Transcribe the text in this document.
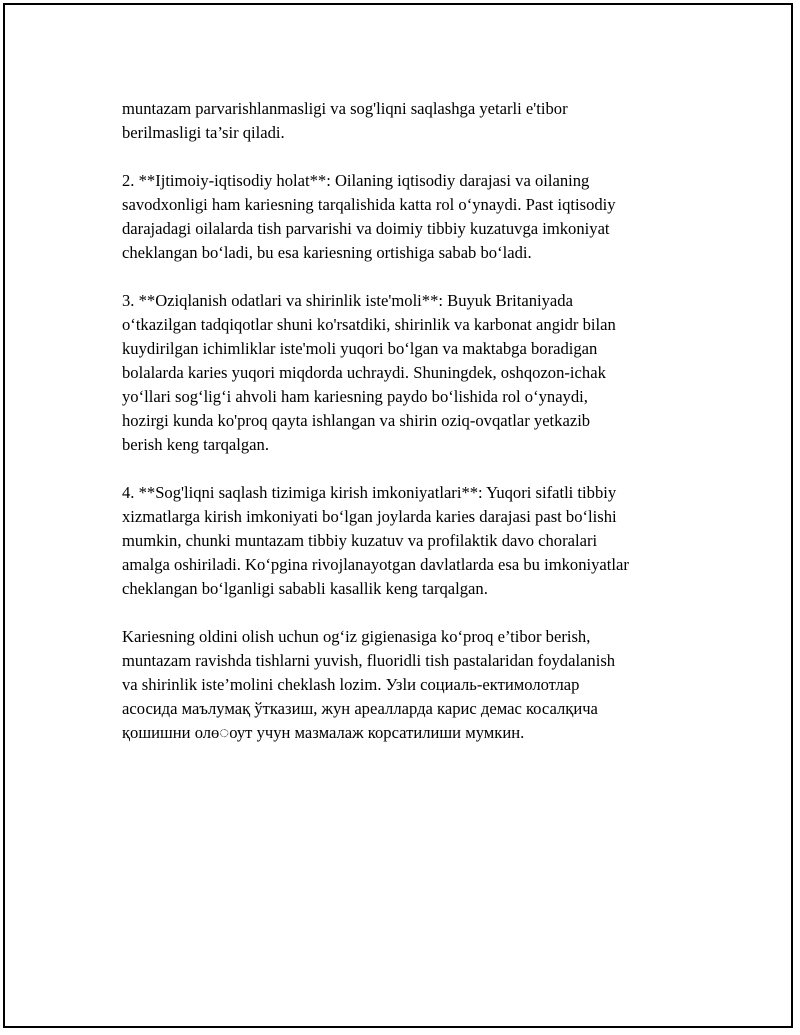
muntazam parvarishlanmasligi va sog'liqni saqlashga yetarli e'tibor
berilmasligi ta’sir qiladi.

2. **Ijtimoiy-iqtisodiy holat**: Oilaning iqtisodiy darajasi va oilaning
savodxonligi ham kariesning tarqalishida katta rol o‘ynaydi. Past iqtisodiy
darajadagi oilalarda tish parvarishi va doimiy tibbiy kuzatuvga imkoniyat
cheklangan bo‘ladi, bu esa kariesning ortishiga sabab bo‘ladi.

3. **Oziqlanish odatlari va shirinlik iste'moli**: Buyuk Britaniyada
o‘tkazilgan tadqiqotlar shuni ko'rsatdiki, shirinlik va karbonat angidr bilan
kuydirilgan ichimliklar iste'moli yuqori bo‘lgan va maktabga boradigan
bolalarda karies yuqori miqdorda uchraydi. Shuningdek, oshqozon-ichak
yo‘llari sog‘lig‘i ahvoli ham kariesning paydo bo‘lishida rol o‘ynaydi,
hozirgi kunda ko'proq qayta ishlangan va shirin oziq-ovqatlar yetkazib
berish keng tarqalgan.

4. **Sog'liqni saqlash tizimiga kirish imkoniyatlari**: Yuqori sifatli tibbiy
xizmatlarga kirish imkoniyati bo‘lgan joylarda karies darajasi past bo‘lishi
mumkin, chunki muntazam tibbiy kuzatuv va profilaktik davo choralari
amalga oshiriladi. Ko‘pgina rivojlanayotgan davlatlarda esa bu imkoniyatlar
cheklangan bo‘lganligi sababli kasallik keng tarqalgan.

Kariesning oldini olish uchun og‘iz gigienasiga ko‘proq e’tibor berish,
muntazam ravishda tishlarni yuvish, fluoridli tish pastalaridan foydalanish
va shirinlik iste’molini cheklash lozim. Узlи социаль-ектимолотлар
асосида маълумақ ўтказиш, жун ареалларда карис демас косалқича
қошишни олө◌оут учун мазмалаж корсатилиши мумкин.
